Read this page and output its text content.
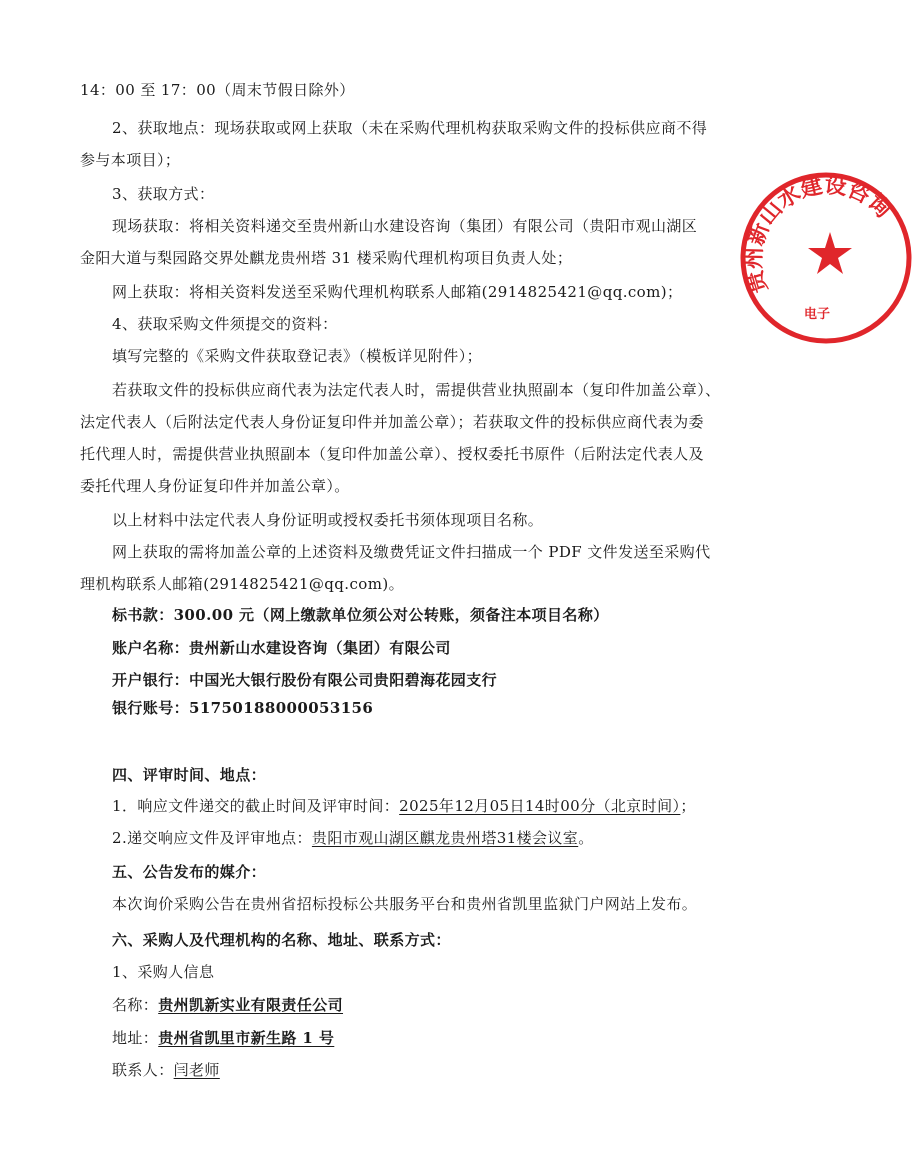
14：00 至 17：00（周末节假日除外）
2、获取地点：现场获取或网上获取（未在采购代理机构获取采购文件的投标供应商不得
参与本项目）；
3、获取方式：
现场获取：将相关资料递交至贵州新山水建设咨询（集团）有限公司（贵阳市观山湖区
金阳大道与梨园路交界处麒龙贵州塔 31 楼采购代理机构项目负责人处；
网上获取：将相关资料发送至采购代理机构联系人邮箱(2914825421@qq.com)；
4、获取采购文件须提交的资料：
填写完整的《采购文件获取登记表》（模板详见附件）；
若获取文件的投标供应商代表为法定代表人时，需提供营业执照副本（复印件加盖公章）、
法定代表人（后附法定代表人身份证复印件并加盖公章）；若获取文件的投标供应商代表为委
托代理人时，需提供营业执照副本（复印件加盖公章）、授权委托书原件（后附法定代表人及
委托代理人身份证复印件并加盖公章）。
以上材料中法定代表人身份证明或授权委托书须体现项目名称。
网上获取的需将加盖公章的上述资料及缴费凭证文件扫描成一个 PDF 文件发送至采购代
理机构联系人邮箱(2914825421@qq.com)。
标书款：300.00 元（网上缴款单位须公对公转账，须备注本项目名称）
账户名称：贵州新山水建设咨询（集团）有限公司
开户银行：中国光大银行股份有限公司贵阳碧海花园支行
银行账号：51750188000053156
四、评审时间、地点：
1．响应文件递交的截止时间及评审时间：2025年12月05日14时00分（北京时间）；
2.递交响应文件及评审地点：贵阳市观山湖区麒龙贵州塔31楼会议室。
五、公告发布的媒介：
本次询价采购公告在贵州省招标投标公共服务平台和贵州省凯里监狱门户网站上发布。
六、采购人及代理机构的名称、地址、联系方式：
1、采购人信息
名称：贵州凯新实业有限责任公司
地址：贵州省凯里市新生路 1 号
联系人：闫老师
贵州新山水建设咨询
电子
